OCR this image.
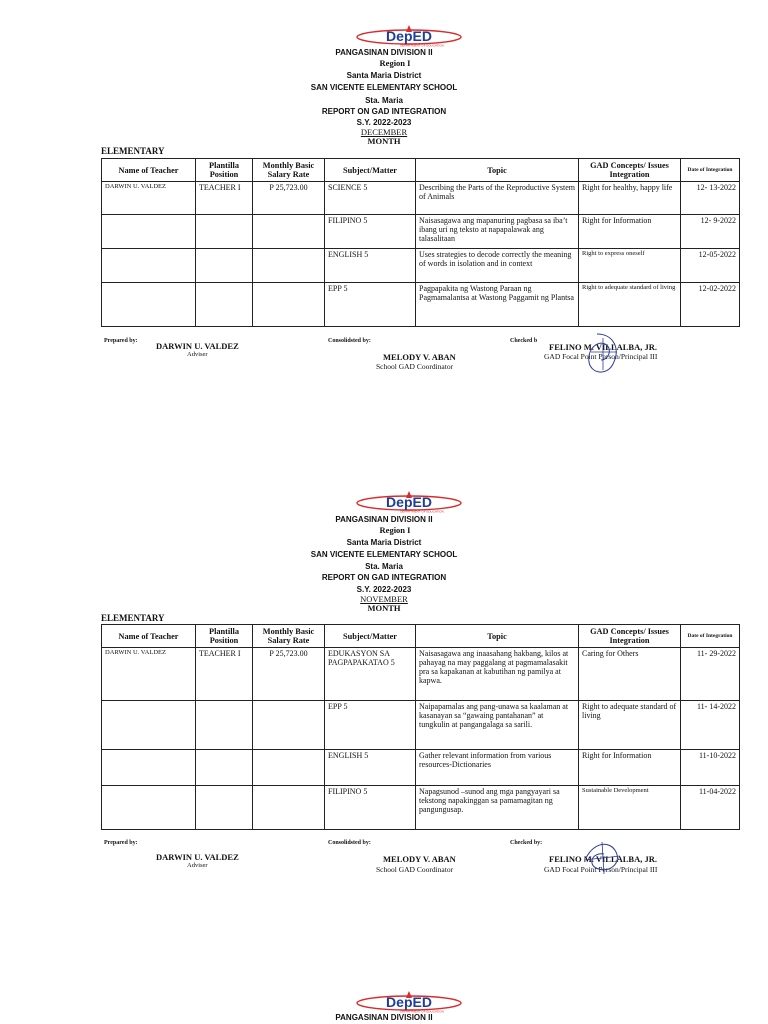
DepED
DEPARTMENT OF EDUCATION
PANGASINAN DIVISION II
Region I
Santa Maria District
SAN VICENTE ELEMENTARY SCHOOL
Sta. Maria
REPORT ON GAD INTEGRATION
S.Y. 2022-2023
DECEMBER
MONTH
ELEMENTARY
Name of Teacher	Plantilla Position	Monthly Basic Salary Rate	Subject/Matter	Topic	GAD Concepts/ Issues Integration	Date of Integration
DARWIN U. VALDEZ	TEACHER I	P 25,723.00	SCIENCE 5	Describing the Parts of the Reproductive System of Animals	Right for healthy, happy life	12- 13-2022
			FILIPINO 5	Naisasagawa ang mapanuring pagbasa sa iba’t ibang uri ng teksto at napapalawak ang talasalitaan	Right for Information	12- 9-2022
			ENGLISH 5	Uses strategies to decode correctly the meaning of words in isolation and in context	Right to express oneself	12-05-2022
			EPP 5	Pagpapakita ng Wastong Paraan ng Pagmamalantsa at Wastong Paggamit ng Plantsa	Right to adequate standard of living	12-02-2022
Prepared by: DARWIN U. VALDEZ
Adviser
Consolidsted by:
MELODY V. ABAN
School GAD Coordinator
Checked b
FELINO M. VILLALBA, JR.
GAD Focal Point Person/Principal III
DepED
DEPARTMENT OF EDUCATION
PANGASINAN DIVISION II
Region I
Santa Maria District
SAN VICENTE ELEMENTARY SCHOOL
Sta. Maria
REPORT ON GAD INTEGRATION
S.Y. 2022-2023
NOVEMBER
MONTH
ELEMENTARY
Name of Teacher	Plantilla Position	Monthly Basic Salary Rate	Subject/Matter	Topic	GAD Concepts/ Issues Integration	Date of Integration
DARWIN U. VALDEZ	TEACHER I	P 25,723.00	EDUKASYON SA PAGPAPAKATAO 5	Naisasagawa ang inaasahang hakbang, kilos at pahayag na may paggalang at pagmamalasakit pra sa kapakanan at kabutihan ng pamilya at kapwa.	Caring for Others	11- 29-2022
			EPP 5	Naipapamalas ang pang-unawa sa kaalaman at kasanayan sa “gawaing pantahanan” at tungkulin at pangangalaga sa sarili.	Right to adequate standard of living	11- 14-2022
			ENGLISH 5	Gather relevant information from various resources-Dictionaries	Right for Information	11-10-2022
			FILIPINO 5	Napagsunod –sunod ang mga pangyayari sa tekstong napakinggan sa pamamagitan ng pangungusap.	Sustainable Development	11-04-2022
Prepared by:
DARWIN U. VALDEZ
Adviser
Consolidsted by:
MELODY V. ABAN
School GAD Coordinator
Checked by:
FELINO M. VILLALBA, JR.
GAD Focal Point Person/Principal III
DepED
DEPARTMENT OF EDUCATION
PANGASINAN DIVISION II
